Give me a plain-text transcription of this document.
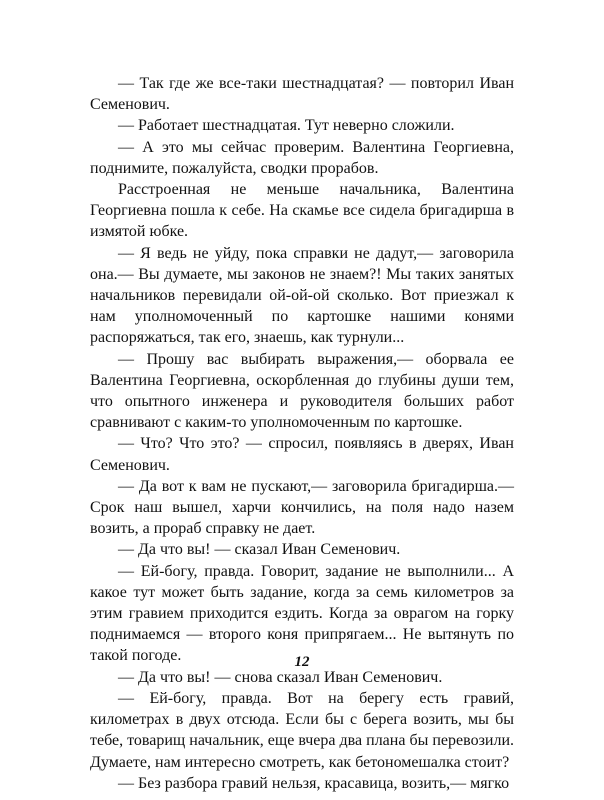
— Так где же все-таки шестнадцатая? — повторил Иван Семенович.

— Работает шестнадцатая. Тут неверно сложили.

— А это мы сейчас проверим. Валентина Георгиевна, поднимите, пожалуйста, сводки прорабов.

Расстроенная не меньше начальника, Валентина Георгиевна пошла к себе. На скамье все сидела бригадирша в измятой юбке.

— Я ведь не уйду, пока справки не дадут,— заговорила она.— Вы думаете, мы законов не знаем?! Мы таких занятых начальников перевидали ой-ой-ой сколько. Вот приезжал к нам уполномоченный по картошке нашими конями распоряжаться, так его, знаешь, как турнули...

— Прошу вас выбирать выражения,— оборвала ее Валентина Георгиевна, оскорбленная до глубины души тем, что опытного инженера и руководителя больших работ сравнивают с каким-то уполномоченным по картошке.

— Что? Что это? — спросил, появляясь в дверях, Иван Семенович.

— Да вот к вам не пускают,— заговорила бригадирша.— Срок наш вышел, харчи кончились, на поля надо назем возить, а прораб справку не дает.

— Да что вы! — сказал Иван Семенович.

— Ей-богу, правда. Говорит, задание не выполнили... А какое тут может быть задание, когда за семь километров за этим гравием приходится ездить. Когда за оврагом на горку поднимаемся — второго коня припрягаем... Не вытянуть по такой погоде.

— Да что вы! — снова сказал Иван Семенович.

— Ей-богу, правда. Вот на берегу есть гравий, километрах в двух отсюда. Если бы с берега возить, мы бы тебе, товарищ начальник, еще вчера два плана бы перевозили. Думаете, нам интересно смотреть, как бетономешалка стоит?

— Без разбора гравий нельзя, красавица, возить,— мягко

12
